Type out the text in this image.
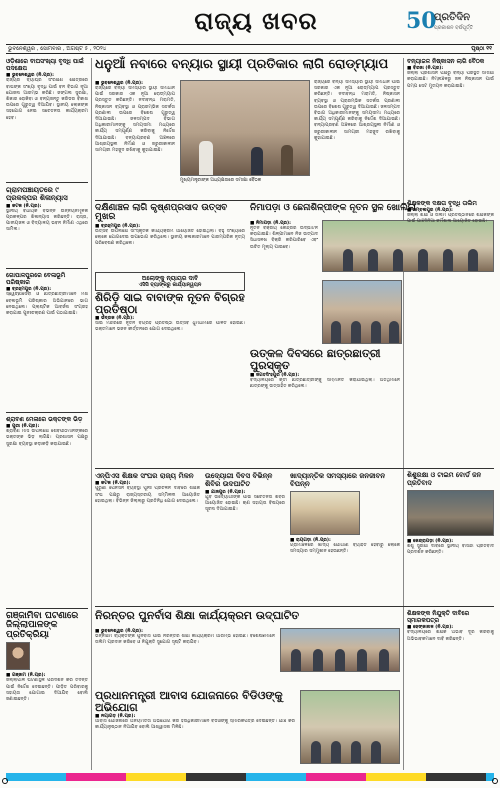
ରାଜ୍ୟ ଖବର	50
ପ୍ରତିଦିନ
ପ୍ରକାଶନ ବର୍ଷପୂର୍ତ୍ତି
ଭୁବନେଶ୍ୱର , ସୋମବାର , ଅଗଷ୍ଟ ୫ , ୨୦୨୪	ପୃଷ୍ଠା ୧୧
ଓଡ଼ିଶାରେ ବାଘସଂଖ୍ୟା ବୃଦ୍ଧି ପାଇଁ ପଦକ୍ଷେପ
■ ଭୁବନେଶ୍ୱର (ନି.ପ୍ର):
ରାଜ୍ୟର ବ୍ୟାଘ୍ର ସଂରକ୍ଷଣ କ୍ଷେତ୍ରରେ ବାଘଙ୍କ ସଂଖ୍ୟା ବୃଦ୍ଧି ପାଇଁ ବନ ବିଭାଗ ନୂଆ ଯୋଜନା ଆରମ୍ଭ କରିଛି। ଜଙ୍ଗଲ ସୁରକ୍ଷା, ଶିକାର ରୋକିବା ଓ ବନ୍ୟଜନ୍ତୁ କରିଡର ବିକାଶ ଉପରେ ଗୁରୁତ୍ୱ ଦିଆଯିବ। ସ୍ଥାନୀୟ ଲୋକଙ୍କ ସହଯୋଗ ନେଇ ସଚେତନତା କାର୍ଯ୍ୟକ୍ରମ ହେବ।
ଗ୍ରାମପଞ୍ଚାୟତରେ ୯ ପ୍ରକଳ୍ପର ଶିଳାନ୍ୟାସ
■ କଟକ (ନି.ପ୍ର):
ସ୍ଥାନୀୟ ବିଧାୟକ ବିଭିନ୍ନ ଉନ୍ନୟନମୂଳକ ପ୍ରକଳ୍ପର ଶିଳାନ୍ୟାସ କରିଛନ୍ତି। ରାସ୍ତା, ପାନୀୟଜଳ ଓ ବିଦ୍ୟାଳୟ ଭବନ ନିର୍ମାଣ ଏଥିରେ ସାମିଲ।
ଗୋପାଳପୁରରେ ବେଳାଭୂମି ପରିଷ୍କାର
■ ବ୍ରହ୍ମପୁର (ନି.ପ୍ର):
ସ୍ୱେଚ୍ଛାସେବୀ ଓ ଛାତ୍ରଛାତ୍ରୀମାନେ ମିଶି ବେଳାଭୂମି ପରିଷ୍କାର ଅଭିଯାନରେ ଭାଗ ନେଇଥିଲେ। ପ୍ଲାଷ୍ଟିକ ଆବର୍ଜନା ସଂଗ୍ରହ କରାଯାଇ ପୁନଃଚକ୍ରଣ ପାଇଁ ପଠାଯାଇଛି।
ଶ୍ରାବଣ ମେଳାରେ ଭକ୍ତଙ୍କ ଭିଡ଼
■ ପୁରୀ (ନି.ପ୍ର):
ଶ୍ରାବଣ ମାସ ଉପଲକ୍ଷେ ଶୈବପୀଠମାନଙ୍କରେ ଭକ୍ତଙ୍କ ଭିଡ଼ ଲାଗିଛି। ପ୍ରଶାସନ ପକ୍ଷରୁ ସୁରକ୍ଷା ବ୍ୟବସ୍ଥା କଡ଼ାକଡ଼ି କରାଯାଇଛି।
ଗଞ୍ଜାମିବା ଘଟଣାରେ ଜିଲ୍ଲାପାଳଙ୍କ ପ୍ରତିକ୍ରିୟା
■ ଗଞ୍ଜାମ (ନି.ପ୍ର):
ଜିଲ୍ଲାପାଳ ଘଟଣାସ୍ଥଳ ପରିଦର୍ଶନ କରି ତଦନ୍ତ ପାଇଁ ନିର୍ଦ୍ଦେଶ ଦେଇଛନ୍ତି। ପୀଡ଼ିତ ପରିବାରକୁ ସହାୟତା ଯୋଗାଇ ଦିଆଯିବ ବୋଲି ଜଣାଇଛନ୍ତି।
ଧନୁଆଁ ନବାରେ ବନ୍ୟାର ସ୍ଥାୟୀ ପ୍ରତିକାର ଲାଗି ରୋଡ୍‌ମ୍ୟାପ
■ ଭୁବନେଶ୍ୱର (ନି.ପ୍ର):
ରାଜ୍ୟରେ ବନ୍ୟା ସମସ୍ୟାର ସ୍ଥାୟୀ ସମାଧାନ ପାଇଁ ସରକାର ଏକ ନୂଆ ରୋଡ୍‌ମ୍ୟାପ ପ୍ରସ୍ତୁତ କରିଛନ୍ତି। ନଦୀବନ୍ଧ ମରାମତି, ନିଷ୍କାସନ ବ୍ୟବସ୍ଥା ଓ ପ୍ରାରମ୍ଭିକ ସତର୍କତା ପ୍ରଣାଳୀ ଉପରେ ବିଶେଷ ଗୁରୁତ୍ୱ ଦିଆଯାଇଛି। ଜଳସମ୍ପଦ ବିଭାଗ ଅଧିକାରୀମାନଙ୍କୁ ସମୟସୀମା ମଧ୍ୟରେ କାର୍ଯ୍ୟ ସମ୍ପୂର୍ଣ୍ଣ କରିବାକୁ ନିର୍ଦ୍ଦେଶ ଦିଆଯାଇଛି। ବନ୍ୟାପ୍ରବଣ ଅଞ୍ଚଳରେ ଆଶ୍ରୟସ୍ଥଳୀ ନିର୍ମାଣ ଓ ଜରୁରୀକାଳୀନ ସାମଗ୍ରୀ ମହଜୁଦ ରଖିବାକୁ କୁହାଯାଇଛି।
ମୁଖ୍ୟମନ୍ତ୍ରୀଙ୍କ ଅଧ୍ୟକ୍ଷତାରେ ସମୀକ୍ଷା ବୈଠକ
ରାଜ୍ୟରେ ବନ୍ୟା ସମସ୍ୟାର ସ୍ଥାୟୀ ସମାଧାନ ପାଇଁ ସରକାର ଏକ ନୂଆ ରୋଡ୍‌ମ୍ୟାପ ପ୍ରସ୍ତୁତ କରିଛନ୍ତି। ନଦୀବନ୍ଧ ମରାମତି, ନିଷ୍କାସନ ବ୍ୟବସ୍ଥା ଓ ପ୍ରାରମ୍ଭିକ ସତର୍କତା ପ୍ରଣାଳୀ ଉପରେ ବିଶେଷ ଗୁରୁତ୍ୱ ଦିଆଯାଇଛି। ଜଳସମ୍ପଦ ବିଭାଗ ଅଧିକାରୀମାନଙ୍କୁ ସମୟସୀମା ମଧ୍ୟରେ କାର୍ଯ୍ୟ ସମ୍ପୂର୍ଣ୍ଣ କରିବାକୁ ନିର୍ଦ୍ଦେଶ ଦିଆଯାଇଛି। ବନ୍ୟାପ୍ରବଣ ଅଞ୍ଚଳରେ ଆଶ୍ରୟସ୍ଥଳୀ ନିର୍ମାଣ ଓ ଜରୁରୀକାଳୀନ ସାମଗ୍ରୀ ମହଜୁଦ ରଖିବାକୁ କୁହାଯାଇଛି।
ବନ୍ୟାଜଳ ନିଷ୍କାସନ ଲାଗି ବୈଠକ
■ ବିରଜା (ନି.ପ୍ର):
ଜିଲ୍ଲା ପ୍ରଶାସନ ପକ୍ଷରୁ ବନ୍ୟା ପରିସ୍ଥିତି ସମୀକ୍ଷା କରାଯାଇଛି। ନିମ୍ନାଞ୍ଚଳରୁ ଜଳ ନିଷ୍କାସନ ପାଇଁ ପମ୍ପ ସେଟ ମୁତୟନ କରାଯାଇଛି।
ଦକ୍ଷିଣାଞ୍ଚଳ ଲାଗି କୃଷ୍ଣପ୍ରସାଦ ଉତ୍ସବ ମୁଖର
■ ବ୍ରହ୍ମପୁର (ନି.ପ୍ର):
ଉତ୍ସବ ଉପଲକ୍ଷେ ସାଂସ୍କୃତିକ କାର୍ଯ୍ୟକ୍ରମ ଆୟୋଜିତ ହୋଇଥିଲା। ବହୁ ସଂଖ୍ୟାରେ ଲୋକେ ଯୋଗଦେଇ ଉପଭୋଗ କରିଥିଲେ। ସ୍ଥାନୀୟ କଳାକାରମାନେ ପାରମ୍ପରିକ ନୃତ୍ୟ ପରିବେଷଣ କରିଥିଲେ।
ନିମାପଡ଼ା ଓ ଛେନାଶିଳ୍ପୀଙ୍କ ନୂତନ ସ୍ଥଳ ଖୋଲିଲା
■ ନିମାପଡ଼ା (ନି.ପ୍ର):
ନୂତନ ବିକ୍ରୟ କେନ୍ଦ୍ରର ଉଦ୍‌ଘାଟନ କରାଯାଇଛି। ଶିଳ୍ପୀମାନେ ନିଜ ଉତ୍ପାଦ ସିଧାସଳଖ ବିକ୍ରି କରିପାରିବେ ଏବଂ ଉଚିତ ମୂଲ୍ୟ ପାଇବେ।
ଅଲୋଙ୍କୁ ନ୍ୟାୟର ଦାବି
ଏସିସି ବ୍ୟାଙ୍କରୁ କାର୍ଯ୍ୟାନ୍ୱୟନ
ଶିରିଡ଼ି ସାଇ ବାବାଙ୍କ ନୂତନ ବିଗ୍ରହ ପ୍ରତିଷ୍ଠା
■ ଭଦ୍ରକ (ନି.ପ୍ର):
ସାଇ ମନ୍ଦିରରେ ନୂତନ ବିଗ୍ରହ ପ୍ରତିଷ୍ଠା ଉତ୍ସବ ଧୁମଧାମରେ ପାଳିତ ହୋଇଛି। ଭକ୍ତମାନେ ଭଜନ କୀର୍ତ୍ତନରେ ଯୋଗ ଦେଇଥିଲେ।
ଉତ୍କଳ ଦିବସରେ ଛାତ୍ରଛାତ୍ରୀ ପୁରସ୍କୃତ
■ ଜଗତସିଂହପୁର (ନି.ପ୍ର):
ବିଦ୍ୟାଳୟରେ କୃତୀ ଛାତ୍ରଛାତ୍ରୀଙ୍କୁ ସମ୍ମାନିତ କରାଯାଇଥିଲା। ଅତିଥିମାନେ ଛାତ୍ରଙ୍କୁ ଉତ୍ସାହିତ କରିଥିଲେ।
ଶିକ୍ଷକଙ୍କ ଦକ୍ଷତା ବୃଦ୍ଧି ତାଲିମ
■ ସମ୍ବଲପୁର (ନି.ପ୍ର):
ଜିଲ୍ଲା ଶିକ୍ଷା ଓ ତାଲିମ ପ୍ରତିଷ୍ଠାନରେ ଶିକ୍ଷକଙ୍କ ପାଇଁ ପାଞ୍ଚଦିନିଆ କର୍ମଶାଳା ଆୟୋଜିତ ହୋଇଛି।
ଏନ୍‌ପିଏସ ଶିକ୍ଷକ ସଂଘର ରାଜ୍ୟ ମିଳନ
■ କଟକ (ନି.ପ୍ର):
ପୁରୁଣା ପେନସନ ବ୍ୟବସ୍ଥା ପୁନଃ ପ୍ରଚଳନ ଦାବିରେ ଶିକ୍ଷକ ସଂଘ ପକ୍ଷରୁ ରାଜ୍ୟସ୍ତରୀୟ ସମ୍ମିଳନୀ ଆୟୋଜିତ ହୋଇଥିଲା। ବିଭିନ୍ନ ଜିଲ୍ଲାରୁ ପ୍ରତିନିଧି ଯୋଗ ଦେଇଥିଲେ।
ଉଦ୍ୟୋଗୀ ଦିବସ ବିଭିନ୍ନ ଶିବିର ଉଦଘାଟିତ
■ ଯାଜପୁର (ନି.ପ୍ର):
ଯୁବ ଉଦ୍ୟୋଗୀଙ୍କ ପାଇଁ ସଚେତନତା ଶିବିର ଆୟୋଜିତ ହୋଇଛି। ଋଣ ସହାୟତା ବିଷୟରେ ସୂଚନା ଦିଆଯାଇଛି।
ଖାଦ୍ୟାନ୍ତିକ ସମସ୍ୟାରେ ଜନଜୀବନ ବିପନ୍ନ
■ ରାୟଗଡ଼ା (ନି.ପ୍ର):
ଗ୍ରାମାଞ୍ଚଳରେ ଖାଦ୍ୟ ଯୋଗାଣ ବ୍ୟାହତ ହେବାରୁ ଲୋକେ ସମସ୍ୟାର ସମ୍ମୁଖୀନ ହେଉଛନ୍ତି।
ଶିଶୁରକ୍ଷା ଓ ଟାଇମ ବୋର୍ଡ ଜନ ପ୍ରତିବାଦ
■ କେନ୍ଦ୍ରାପଡ଼ା (ନି.ପ୍ର):
ଶିଶୁ ସୁରକ୍ଷା ଦାବିରେ ସ୍ଥାନୀୟ ବାସିନ୍ଦା ପ୍ରତିବାଦ ପ୍ରଦର୍ଶନ କରିଛନ୍ତି।
ନିରନ୍ତର ପୁନର୍ବାସ ଶିକ୍ଷା କାର୍ଯ୍ୟକ୍ରମ ଉଦ୍‌ଘାଟିତ
■ ଭୁବନେଶ୍ୱର (ନି.ପ୍ର):
ଭିନ୍ନକ୍ଷମ ବ୍ୟକ୍ତିଙ୍କ ପୁନର୍ବାସ ପାଇଁ ନିରନ୍ତର ଶିକ୍ଷା କାର୍ଯ୍ୟକ୍ରମ ଆରମ୍ଭ ହୋଇଛି। ବିଶେଷଜ୍ଞମାନେ ତାଲିମ ପ୍ରଦାନ କରିବେ ଓ ନିଯୁକ୍ତି ସୁଯୋଗ ସୃଷ୍ଟି କରାଯିବ।
ପ୍ରଧାନମନ୍ତ୍ରୀ ଆବାସ ଯୋଜନାରେ ବିଡିଓଙ୍କୁ ଅଭିଯୋଗ
■ ନୟାଗଡ଼ (ନି.ପ୍ର):
ଆବାସ ଯୋଜନାରେ ଅନିୟମିତତା ଅଭିଯୋଗ କରି ହିତାଧିକାରୀମାନେ ବିଡିଓଙ୍କୁ ସ୍ମାରକପତ୍ର ଦେଇଛନ୍ତି। ଯାଞ୍ଚ କରି କାର୍ଯ୍ୟାନୁଷ୍ଠାନ ନିଆଯିବ ବୋଲି ଆଶ୍ୱାସନା ମିଳିଛି।
ଶିକ୍ଷକଙ୍କ ନିଯୁକ୍ତି ଦାବିରେ ସ୍ମାରକପତ୍ର
■ ଢେଙ୍କାନାଳ (ନି.ପ୍ର):
ବିଦ୍ୟାଳୟରେ ଶିକ୍ଷକ ଅଭାବ ଦୂର କରିବାକୁ ଅଭିଭାବକମାନେ ଦାବି କରିଛନ୍ତି।
